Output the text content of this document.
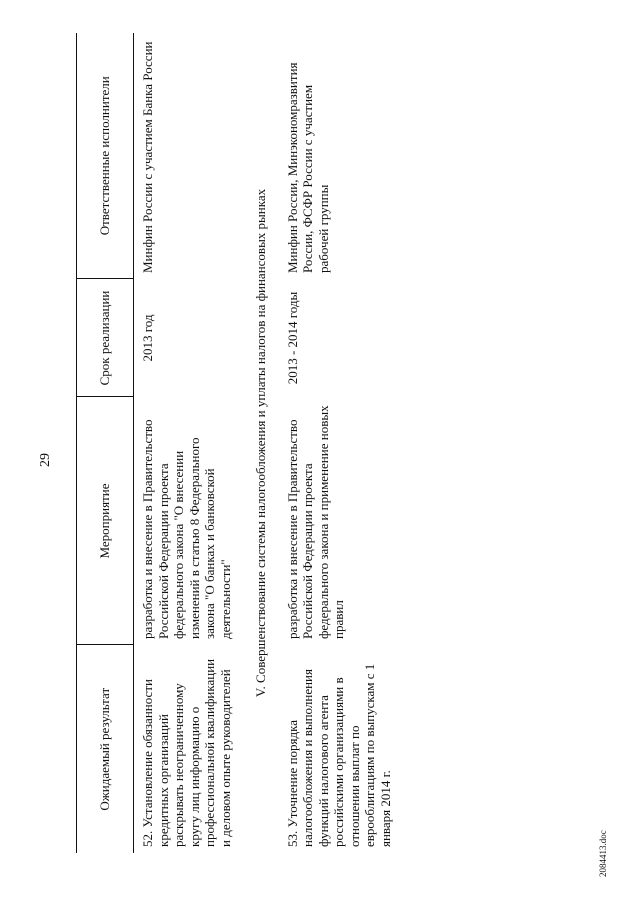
29
Ожидаемый результат	Мероприятие	Срок реализации	Ответственные исполнители
52. Установление обязанности кредитных организаций раскрывать неограниченному кругу лиц информацию о профессиональной квалификации и деловом опыте руководителей	разработка и внесение в Правительство Российской Федерации проекта федерального закона "О внесении изменений в статью 8 Федерального закона "О банках и банковской деятельности"	2013 год	Минфин России с участием Банка России
V. Совершенствование системы налогообложения и уплаты налогов на финансовых рынках			
53. Уточнение порядка налогообложения и выполнения функций налогового агента российскими организациями в отношении выплат по еврооблигациям по выпускам с 1 января 2014 г.	разработка и внесение в Правительство Российской Федерации проекта федерального закона и применение новых правил	2013 - 2014 годы	Минфин России, Минэкономразвития России, ФСФР России с участием рабочей группы
2084413.doc
